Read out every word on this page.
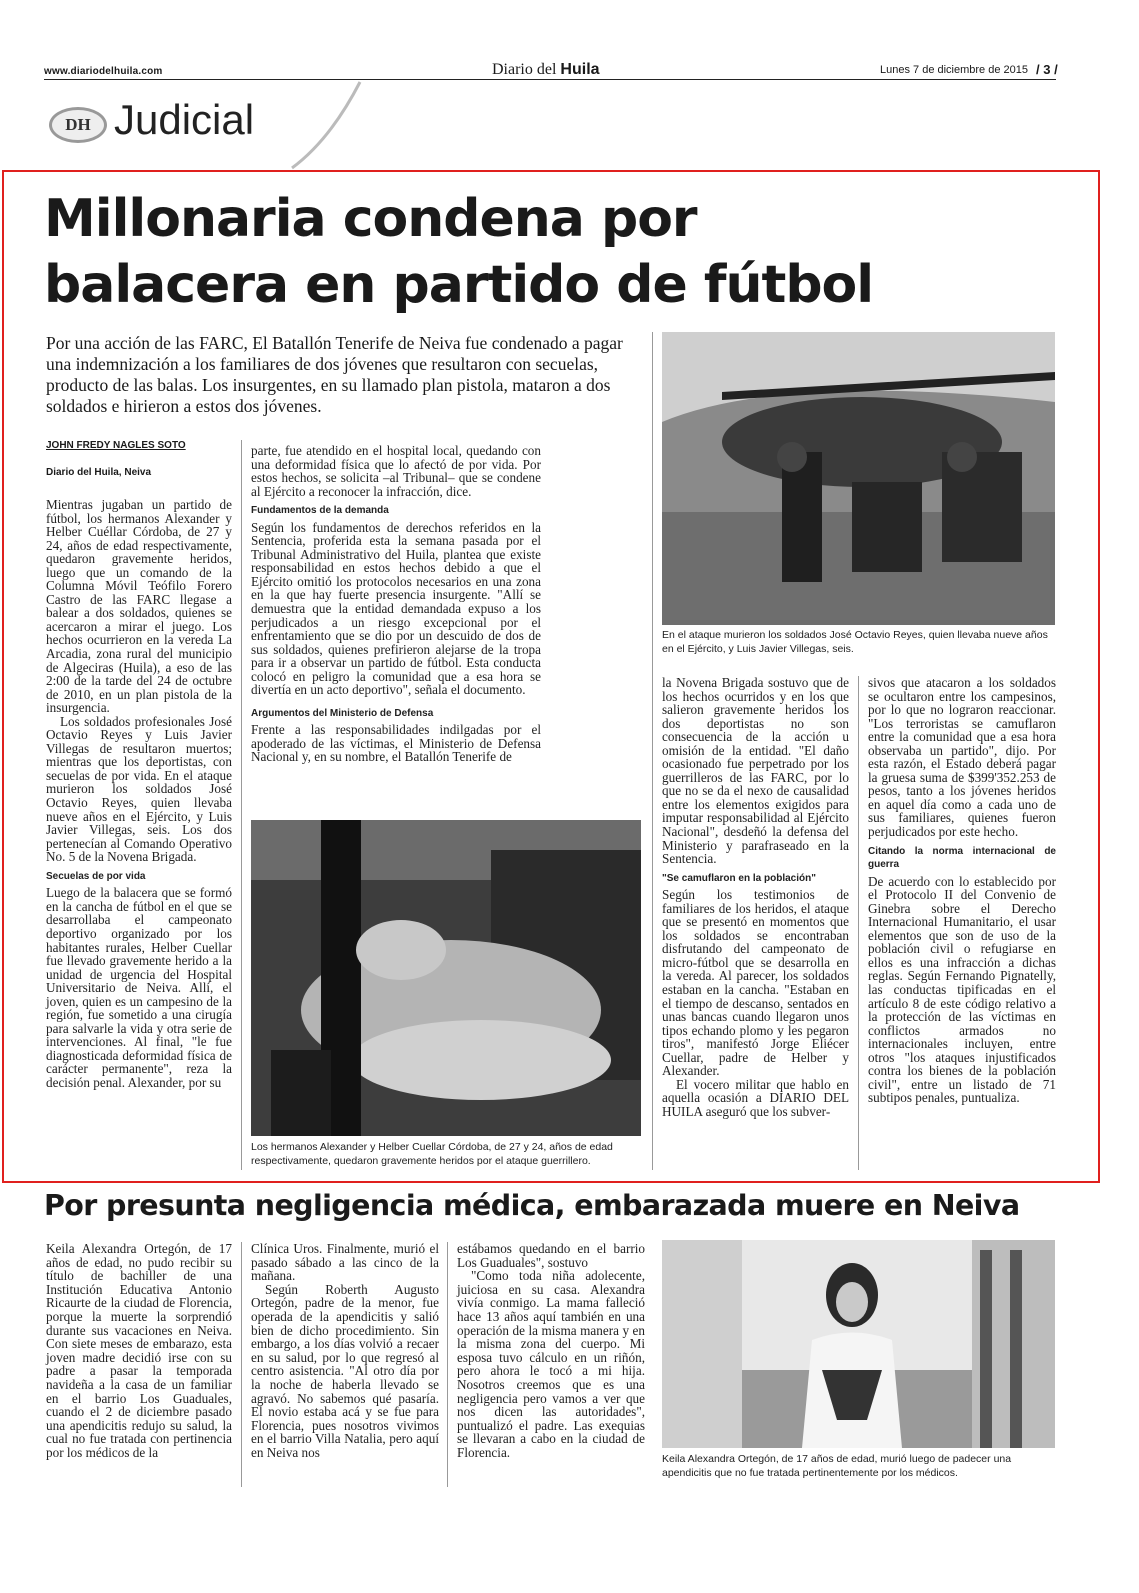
www.diariodelhuila.com	Diario del Huila	Lunes 7 de diciembre de 2015 / 3 /
DH Judicial
Millonaria condena por
balacera en partido de fútbol
Por una acción de las FARC, El Batallón Tenerife de Neiva fue condenado a pagar una indemnización a los familiares de dos jóvenes que resultaron con secuelas, producto de las balas. Los insurgentes, en su llamado plan pistola, mataron a dos soldados e hirieron a estos dos jóvenes.
JOHN FREDY NAGLES SOTO
Diario del Huila, Neiva

Mientras jugaban un partido de fútbol, los hermanos Alexander y Helber Cuéllar Córdoba, de 27 y 24, años de edad respectivamente, quedaron gravemente heridos, luego que un comando de la Columna Móvil Teófilo Forero Castro de las FARC llegase a balear a dos soldados, quienes se acercaron a mirar el juego. Los hechos ocurrieron en la vereda La Arcadia, zona rural del municipio de Algeciras (Huila), a eso de las 2:00 de la tarde del 24 de octubre de 2010, en un plan pistola de la insurgencia.

Los soldados profesionales José Octavio Reyes y Luis Javier Villegas de resultaron muertos; mientras que los deportistas, con secuelas de por vida. En el ataque murieron los soldados José Octavio Reyes, quien llevaba nueve años en el Ejército, y Luis Javier Villegas, seis. Los dos pertenecían al Comando Operativo No. 5 de la Novena Brigada.

Secuelas de por vida

Luego de la balacera que se formó en la cancha de fútbol en el que se desarrollaba el campeonato deportivo organizado por los habitantes rurales, Helber Cuellar fue llevado gravemente herido a la unidad de urgencia del Hospital Universitario de Neiva. Allí, el joven, quien es un campesino de la región, fue sometido a una cirugía para salvarle la vida y otra serie de intervenciones. Al final, "le fue diagnosticada deformidad física de carácter permanente", reza la decisión penal. Alexander, por su

parte, fue atendido en el hospital local, quedando con una deformidad física que lo afectó de por vida. Por estos hechos, se solicita –al Tribunal– que se condene al Ejército a reconocer la infracción, dice.

Fundamentos de la demanda

Según los fundamentos de derechos referidos en la Sentencia, proferida esta la semana pasada por el Tribunal Administrativo del Huila, plantea que existe responsabilidad en estos hechos debido a que el Ejército omitió los protocolos necesarios en una zona en la que hay fuerte presencia insurgente. "Allí se demuestra que la entidad demandada expuso a los perjudicados a un riesgo excepcional por el enfrentamiento que se dio por un descuido de dos de sus soldados, quienes prefirieron alejarse de la tropa para ir a observar un partido de fútbol. Esta conducta colocó en peligro la comunidad que a esa hora se divertía en un acto deportivo", señala el documento.

Argumentos del Ministerio de Defensa

Frente a las responsabilidades indilgadas por el apoderado de las víctimas, el Ministerio de Defensa Nacional y, en su nombre, el Batallón Tenerife de

Los hermanos Alexander y Helber Cuellar Córdoba, de 27 y 24, años de edad respectivamente, quedaron gravemente heridos por el ataque guerrillero.
En el ataque murieron los soldados José Octavio Reyes, quien llevaba nueve años en el Ejército, y Luis Javier Villegas, seis.

la Novena Brigada sostuvo que de los hechos ocurridos y en los que salieron gravemente heridos los dos deportistas no son consecuencia de la acción u omisión de la entidad. "El daño ocasionado fue perpetrado por los guerrilleros de las FARC, por lo que no se da el nexo de causalidad entre los elementos exigidos para imputar responsabilidad al Ejército Nacional", desdeñó la defensa del Ministerio y parafraseado en la Sentencia.

"Se camuflaron en la población"

Según los testimonios de familiares de los heridos, el ataque que se presentó en momentos que los soldados se encontraban disfrutando del campeonato de micro-fútbol que se desarrolla en la vereda. Al parecer, los soldados estaban en la cancha. "Estaban en el tiempo de descanso, sentados en unas bancas cuando llegaron unos tipos echando plomo y les pegaron tiros", manifestó Jorge Eliécer Cuellar, padre de Helber y Alexander.

El vocero militar que hablo en aquella ocasión a DIARIO DEL HUILA aseguró que los subver-

sivos que atacaron a los soldados se ocultaron entre los campesinos, por lo que no lograron reaccionar. "Los terroristas se camuflaron entre la comunidad que a esa hora observaba un partido", dijo. Por esta razón, el Estado deberá pagar la gruesa suma de $399'352.253 de pesos, tanto a los jóvenes heridos en aquel día como a cada uno de sus familiares, quienes fueron perjudicados por este hecho.

Citando la norma internacional de guerra

De acuerdo con lo establecido por el Protocolo II del Convenio de Ginebra sobre el Derecho Internacional Humanitario, el usar elementos que son de uso de la población civil o refugiarse en ellos es una infracción a dichas reglas. Según Fernando Pignatelly, las conductas tipificadas en el artículo 8 de este código relativo a la protección de las víctimas en conflictos armados no internacionales incluyen, entre otros "los ataques injustificados contra los bienes de la población civil", entre un listado de 71 subtipos penales, puntualiza.

Por presunta negligencia médica, embarazada muere en Neiva

Keila Alexandra Ortegón, de 17 años de edad, no pudo recibir su título de bachiller de una Institución Educativa Antonio Ricaurte de la ciudad de Florencia, porque la muerte la sorprendió durante sus vacaciones en Neiva. Con siete meses de embarazo, esta joven madre decidió irse con su padre a pasar la temporada navideña a la casa de un familiar en el barrio Los Guaduales, cuando el 2 de diciembre pasado una apendicitis redujo su salud, la cual no fue tratada con pertinencia por los médicos de la

Clínica Uros. Finalmente, murió el pasado sábado a las cinco de la mañana.

Según Roberth Augusto Ortegón, padre de la menor, fue operada de la apendicitis y salió bien de dicho procedimiento. Sin embargo, a los días volvió a recaer en su salud, por lo que regresó al centro asistencia. "Al otro día por la noche de haberla llevado se agravó. No sabemos qué pasaría. El novio estaba acá y se fue para Florencia, pues nosotros vivimos en el barrio Villa Natalia, pero aquí en Neiva nos

estábamos quedando en el barrio Los Guaduales", sostuvo

"Como toda niña adolecente, juiciosa en su casa. Alexandra vivía conmigo. La mama falleció hace 13 años aquí también en una operación de la misma manera y en la misma zona del cuerpo. Mi esposa tuvo cálculo en un riñón, pero ahora le tocó a mi hija. Nosotros creemos que es una negligencia pero vamos a ver que nos dicen las autoridades", puntualizó el padre. Las exequias se llevaran a cabo en la ciudad de Florencia.	Keila Alexandra Ortegón, de 17 años de edad, murió luego de padecer una apendicitis que no fue tratada pertinentemente por los médicos.
